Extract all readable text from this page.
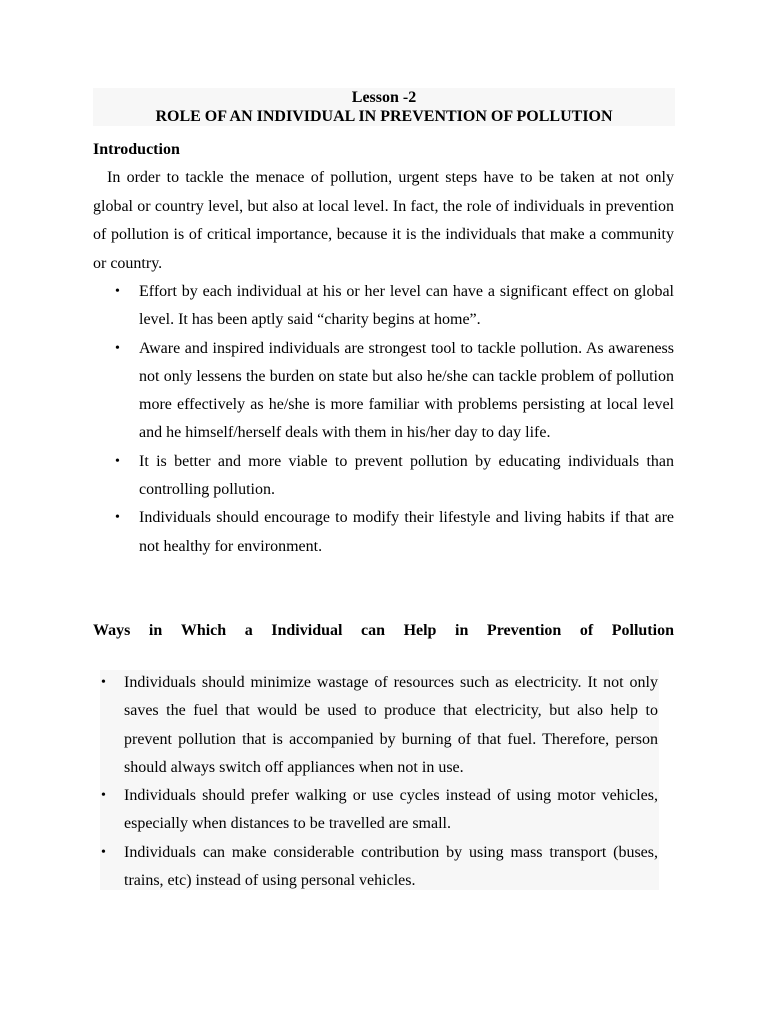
Lesson -2
ROLE OF AN INDIVIDUAL IN PREVENTION OF POLLUTION
Introduction

In order to tackle the menace of pollution, urgent steps have to be taken at not only global or country level, but also at local level. In fact, the role of individuals in prevention of pollution is of critical importance, because it is the individuals that make a community or country.

• Effort by each individual at his or her level can have a significant effect on global level. It has been aptly said “charity begins at home”.
• Aware and inspired individuals are strongest tool to tackle pollution. As awareness not only lessens the burden on state but also he/she can tackle problem of pollution more effectively as he/she is more familiar with problems persisting at local level and he himself/herself deals with them in his/her day to day life.
• It is better and more viable to prevent pollution by educating individuals than controlling pollution.
• Individuals should encourage to modify their lifestyle and living habits if that are not healthy for environment.
Ways in Which a Individual can Help in Prevention of Pollution
• Individuals should minimize wastage of resources such as electricity. It not only saves the fuel that would be used to produce that electricity, but also help to prevent pollution that is accompanied by burning of that fuel. Therefore, person should always switch off appliances when not in use.
• Individuals should prefer walking or use cycles instead of using motor vehicles, especially when distances to be travelled are small.
• Individuals can make considerable contribution by using mass transport (buses, trains, etc) instead of using personal vehicles.
